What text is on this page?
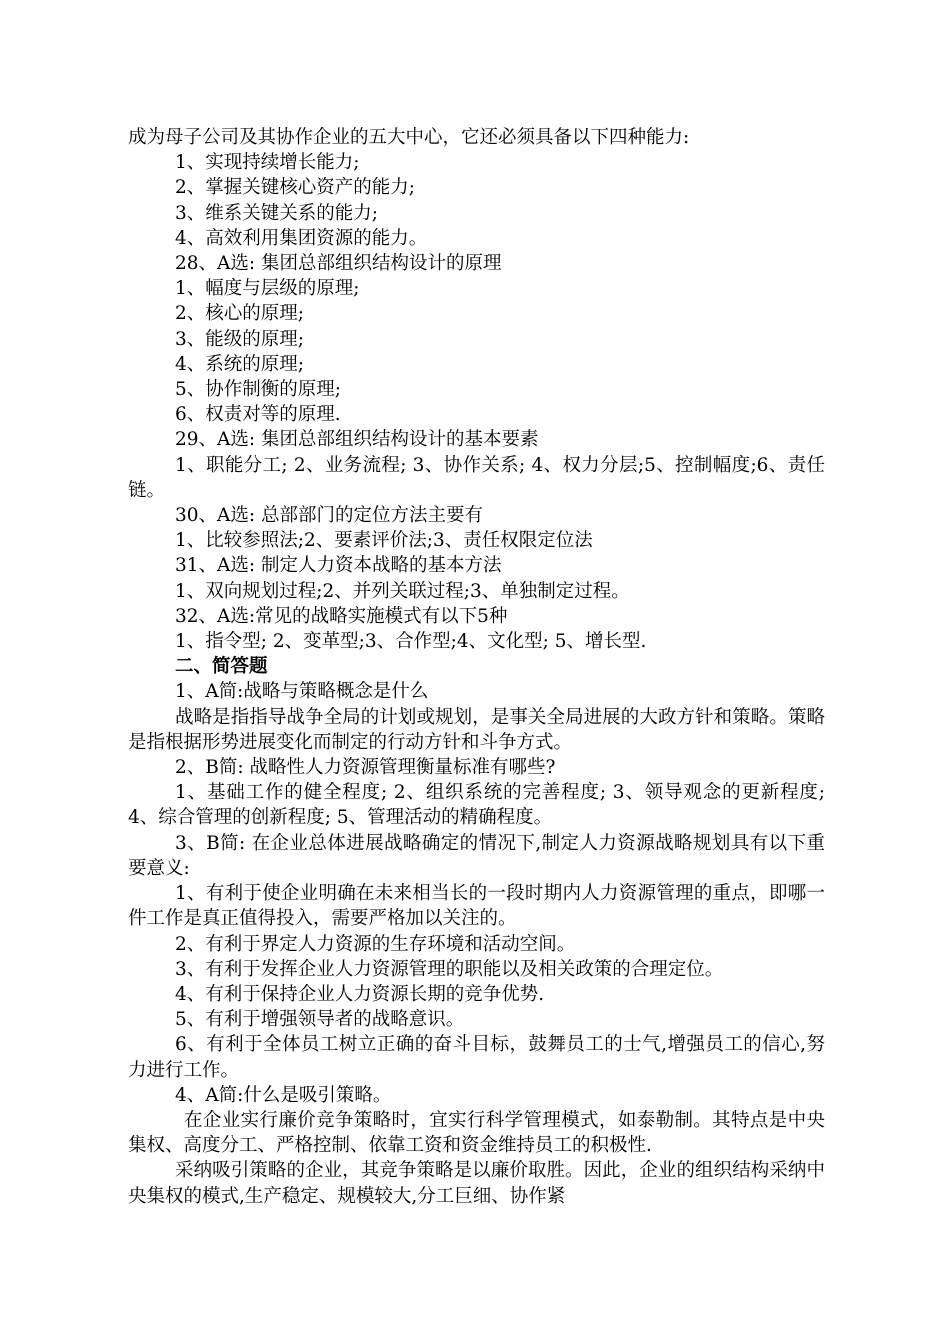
成为母子公司及其协作企业的五大中心，它还必须具备以下四种能力:

1、实现持续增长能力;

2、掌握关键核心资产的能力;

3、维系关键关系的能力;

4、高效利用集团资源的能力。

28、A选: 集团总部组织结构设计的原理

1、幅度与层级的原理;

2、核心的原理;

3、能级的原理;

4、系统的原理;

5、协作制衡的原理;

6、权责对等的原理.

29、A选: 集团总部组织结构设计的基本要素

1、职能分工; 2、业务流程; 3、协作关系; 4、权力分层;5、控制幅度;6、责任链。

30、A选: 总部部门的定位方法主要有

1、比较参照法;2、要素评价法;3、责任权限定位法

31、A选: 制定人力资本战略的基本方法

1、双向规划过程;2、并列关联过程;3、单独制定过程。

32、A选:常见的战略实施模式有以下5种

1、指令型; 2、变革型;3、合作型;4、文化型; 5、增长型.

二、简答题

1、A简:战略与策略概念是什么

战略是指指导战争全局的计划或规划，是事关全局进展的大政方针和策略。策略是指根据形势进展变化而制定的行动方针和斗争方式。

2、B简: 战略性人力资源管理衡量标准有哪些?

1、基础工作的健全程度; 2、组织系统的完善程度; 3、领导观念的更新程度; 4、综合管理的创新程度; 5、管理活动的精确程度。

3、B简: 在企业总体进展战略确定的情况下,制定人力资源战略规划具有以下重要意义:

1、有利于使企业明确在未来相当长的一段时期内人力资源管理的重点，即哪一件工作是真正值得投入，需要严格加以关注的。

2、有利于界定人力资源的生存环境和活动空间。

3、有利于发挥企业人力资源管理的职能以及相关政策的合理定位。

4、有利于保持企业人力资源长期的竞争优势.

5、有利于增强领导者的战略意识。

6、有利于全体员工树立正确的奋斗目标，鼓舞员工的士气,增强员工的信心,努力进行工作。

4、A简:什么是吸引策略。

在企业实行廉价竞争策略时，宜实行科学管理模式，如泰勒制。其特点是中央集权、高度分工、严格控制、依靠工资和资金维持员工的积极性.

采纳吸引策略的企业，其竞争策略是以廉价取胜。因此，企业的组织结构采纳中央集权的模式,生产稳定、规模较大,分工巨细、协作紧
